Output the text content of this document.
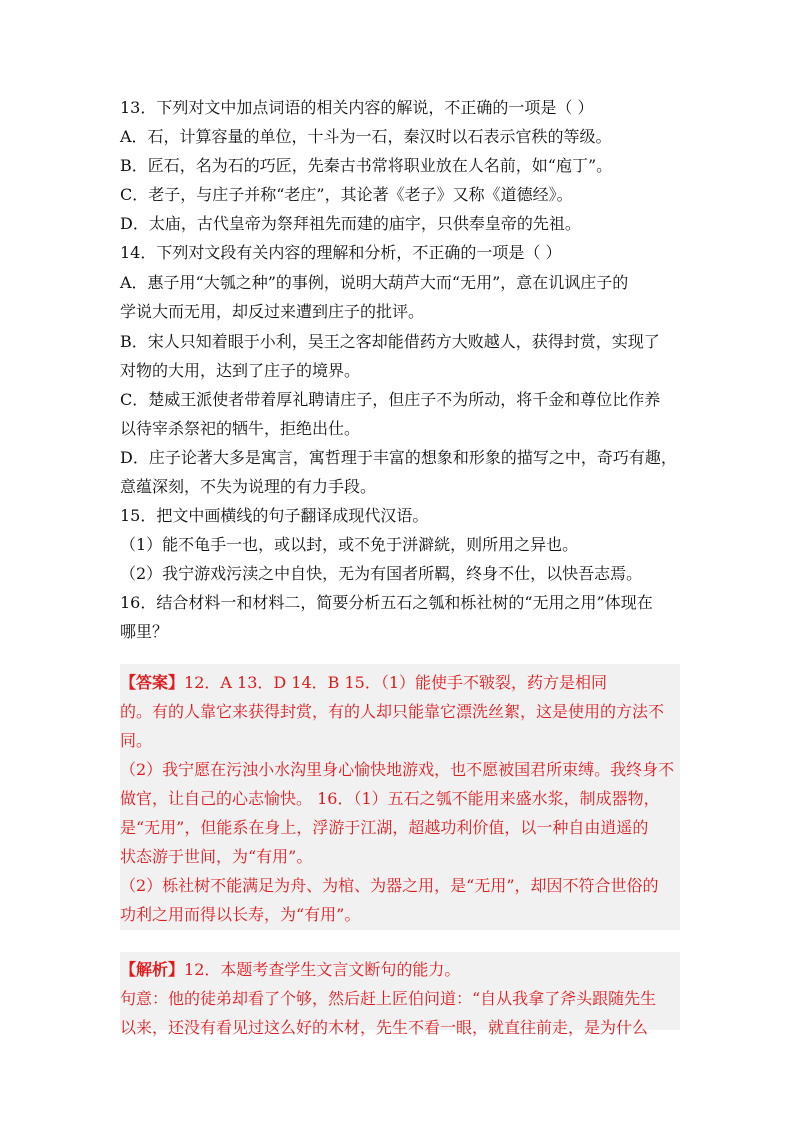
13．下列对文中加点词语的相关内容的解说，不正确的一项是（ ）

A．石，计算容量的单位，十斗为一石，秦汉时以石表示官秩的等级。

B．匠石，名为石的巧匠，先秦古书常将职业放在人名前，如“庖丁”。

C．老子，与庄子并称“老庄”，其论著《老子》又称《道德经》。

D．太庙，古代皇帝为祭拜祖先而建的庙宇，只供奉皇帝的先祖。

14．下列对文段有关内容的理解和分析，不正确的一项是（ ）

A．惠子用“大瓠之种”的事例，说明大葫芦大而“无用”，意在讥讽庄子的

学说大而无用，却反过来遭到庄子的批评。

B．宋人只知着眼于小利，吴王之客却能借药方大败越人，获得封赏，实现了

对物的大用，达到了庄子的境界。

C．楚威王派使者带着厚礼聘请庄子，但庄子不为所动，将千金和尊位比作养

以待宰杀祭祀的牺牛，拒绝出仕。

D．庄子论著大多是寓言，寓哲理于丰富的想象和形象的描写之中，奇巧有趣，

意蕴深刻，不失为说理的有力手段。

15．把文中画横线的句子翻译成现代汉语。

（1）能不龟手一也，或以封，或不免于洴澼絖，则所用之异也。

（2）我宁游戏污渎之中自快，无为有国者所羁，终身不仕，以快吾志焉。

16．结合材料一和材料二，简要分析五石之瓠和栎社树的“无用之用”体现在

哪里？

【答案】12．A 13．D 14．B 15．（1）能使手不皲裂，药方是相同

的。有的人靠它来获得封赏，有的人却只能靠它漂洗丝絮，这是使用的方法不

同。

（2）我宁愿在污浊小水沟里身心愉快地游戏，也不愿被国君所束缚。我终身不

做官，让自己的心志愉快。 16．（1）五石之瓠不能用来盛水浆，制成器物，

是“无用”，但能系在身上，浮游于江湖，超越功利价值，以一种自由逍遥的

状态游于世间，为“有用”。

（2）栎社树不能满足为舟、为棺、为器之用，是“无用”，却因不符合世俗的

功利之用而得以长寿，为“有用”。

【解析】12．本题考查学生文言文断句的能力。

句意：他的徒弟却看了个够，然后赶上匠伯问道：“自从我拿了斧头跟随先生

以来，还没有看见过这么好的木材，先生不看一眼，就直往前走，是为什么
